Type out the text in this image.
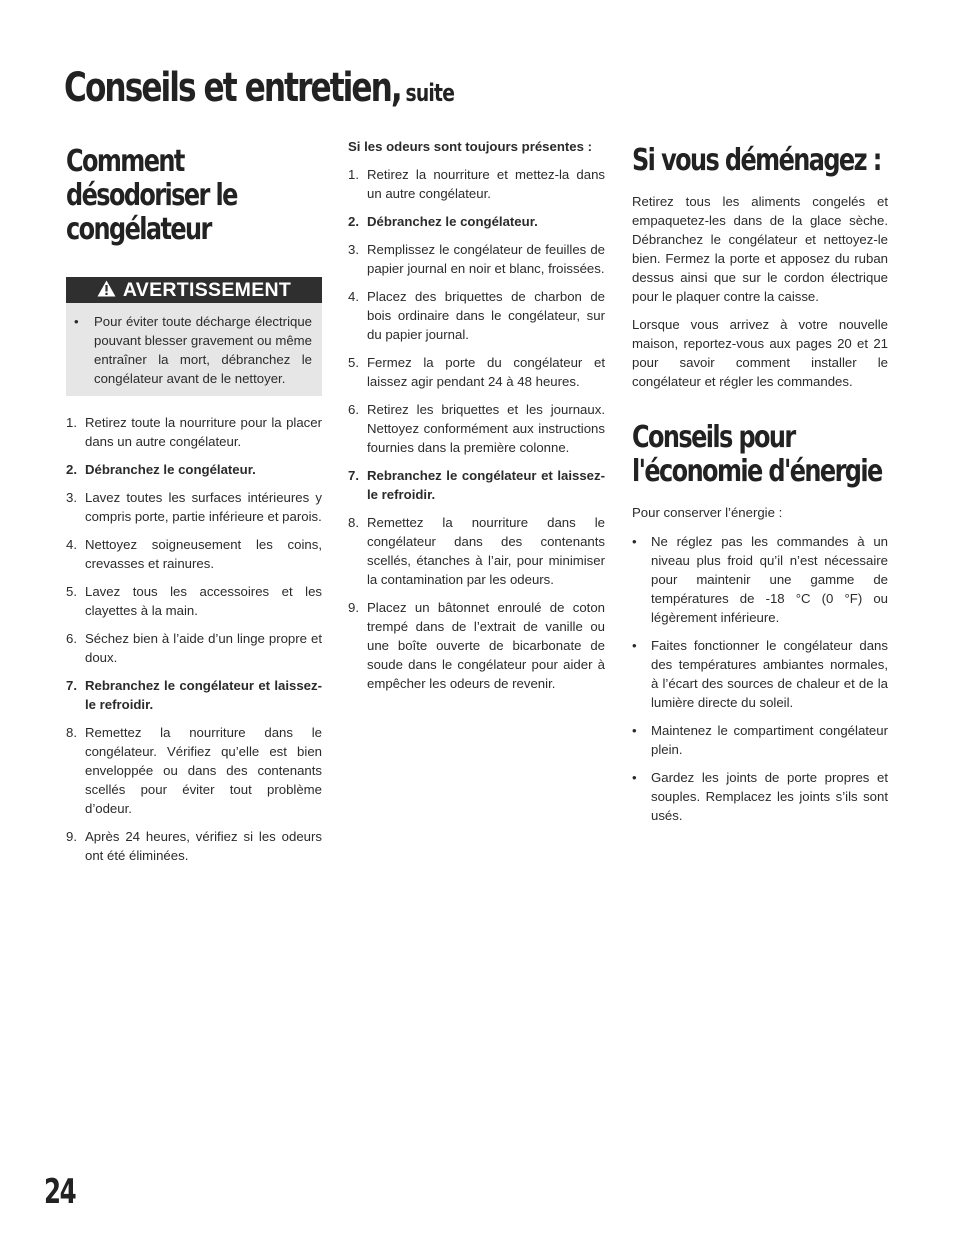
Conseils et entretien, suite
Comment désodoriser le congélateur
AVERTISSEMENT
•	Pour éviter toute décharge électrique pouvant blesser gravement ou même entraîner la mort, débranchez le congélateur avant de le nettoyer.
1. Retirez toute la nourriture pour la placer dans un autre congélateur.
2. Débranchez le congélateur.
3. Lavez toutes les surfaces intérieures y compris porte, partie inférieure et parois.
4. Nettoyez soigneusement les coins, crevasses et rainures.
5. Lavez tous les accessoires et les clayettes à la main.
6. Séchez bien à l’aide d’un linge propre et doux.
7. Rebranchez le congélateur et laissez-le refroidir.
8. Remettez la nourriture dans le congélateur. Vérifiez qu’elle est bien enveloppée ou dans des contenants scellés pour éviter tout problème d’odeur.
9. Après 24 heures, vérifiez si les odeurs ont été éliminées.
Si les odeurs sont toujours présentes :
1. Retirez la nourriture et mettez-la dans un autre congélateur.
2. Débranchez le congélateur.
3. Remplissez le congélateur de feuilles de papier journal en noir et blanc, froissées.
4. Placez des briquettes de charbon de bois ordinaire dans le congélateur, sur du papier journal.
5. Fermez la porte du congélateur et laissez agir pendant 24 à 48 heures.
6. Retirez les briquettes et les journaux. Nettoyez conformément aux instructions fournies dans la première colonne.
7. Rebranchez le congélateur et laissez-le refroidir.
8. Remettez la nourriture dans le congélateur dans des contenants scellés, étanches à l’air, pour minimiser la contamination par les odeurs.
9. Placez un bâtonnet enroulé de coton trempé dans de l’extrait de vanille ou une boîte ouverte de bicarbonate de soude dans le congélateur pour aider à empêcher les odeurs de revenir.
Si vous déménagez :

Retirez tous les aliments congelés et empaquetez-les dans de la glace sèche. Débranchez le congélateur et nettoyez-le bien. Fermez la porte et apposez du ruban dessus ainsi que sur le cordon électrique pour le plaquer contre la caisse.

Lorsque vous arrivez à votre nouvelle maison, reportez-vous aux pages 20 et 21 pour savoir comment installer le congélateur et régler les commandes.

Conseils pour l'économie d'énergie

Pour conserver l’énergie :

•	Ne réglez pas les commandes à un niveau plus froid qu’il n’est nécessaire pour maintenir une gamme de températures de -18 °C (0 °F) ou légèrement inférieure.
•	Faites fonctionner le congélateur dans des températures ambiantes normales, à l’écart des sources de chaleur et de la lumière directe du soleil.
•	Maintenez le compartiment congélateur plein.
•	Gardez les joints de porte propres et souples. Remplacez les joints s’ils sont usés.
24
